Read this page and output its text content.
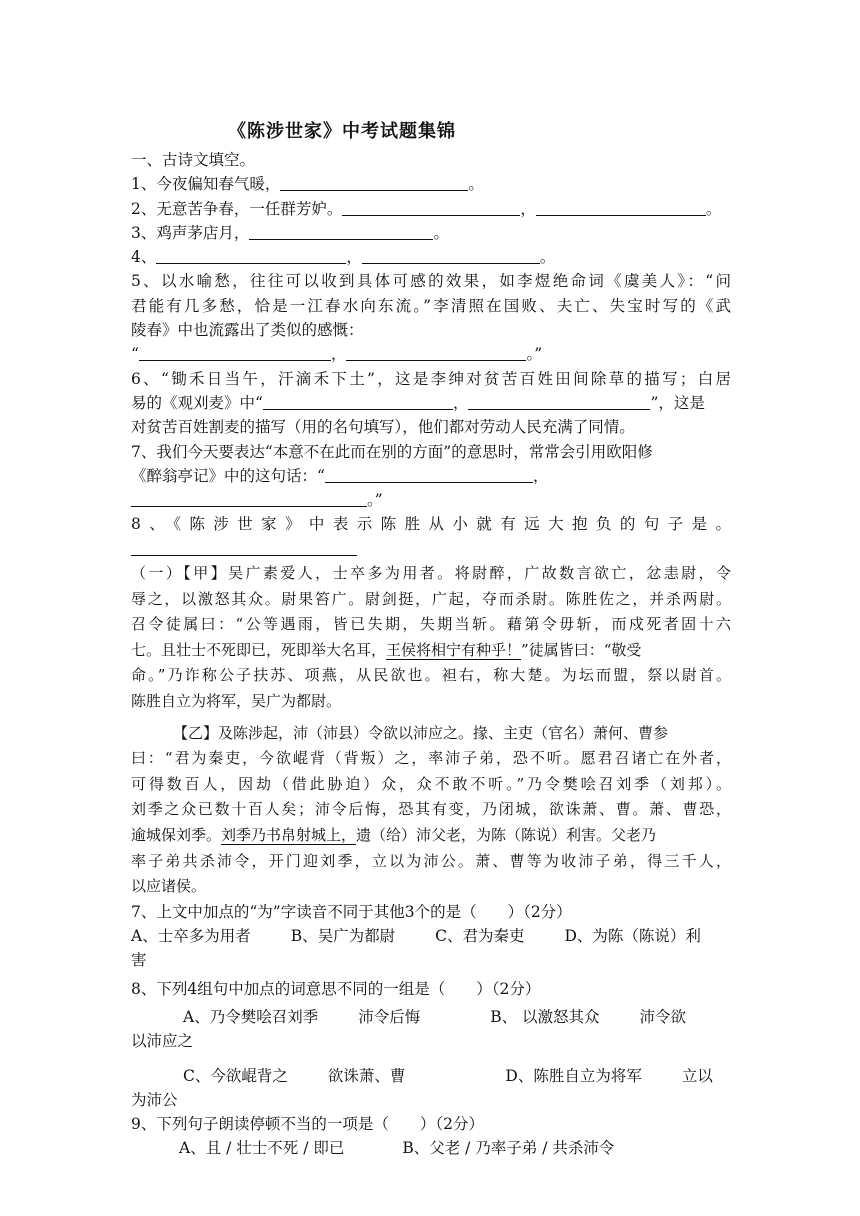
《陈涉世家》中考试题集锦
一、古诗文填空。
1、今夜偏知春气暖，	。
2、无意苦争春，一任群芳妒。	，	。
3、鸡声茅店月，	。
4、	，	。
5、以水喻愁，往往可以收到具体可感的效果，如李煜绝命词《虞美人》：“问
君能有几多愁，恰是一江春水向东流。”李清照在国败、夫亡、失宝时写的《武
陵春》中也流露出了类似的感慨：
“	，	。”
6、“锄禾日当午，汗滴禾下土”，这是李绅对贫苦百姓田间除草的描写；白居
易的《观刈麦》中“	，	”，这是
对贫苦百姓割麦的描写（用的名句填写），他们都对劳动人民充满了同情。
7、我们今天要表达“本意不在此而在别的方面”的意思时，常常会引用欧阳修
《醉翁亭记》中的这句话：“	，
。”
8、《陈涉世家》中表示陈胜从小就有远大抱负的句子是。
（一）【甲】吴广素爱人，士卒多为用者。将尉醉，广故数言欲亡，忿恚尉，令
辱之，以激怒其众。尉果笞广。尉剑挺，广起，夺而杀尉。陈胜佐之，并杀两尉。
召令徒属曰：“公等遇雨，皆已失期，失期当斩。藉第令毋斩，而戍死者固十六
七。且壮士不死即已，死即举大名耳，王侯将相宁有种乎！”徒属皆曰：“敬受
命。”乃诈称公子扶苏、项燕，从民欲也。袒右，称大楚。为坛而盟，祭以尉首。
陈胜自立为将军，吴广为都尉。
【乙】及陈涉起，沛（沛县）令欲以沛应之。掾、主吏（官名）萧何、曹参
曰：“君为秦吏，今欲崐背（背叛）之，率沛子弟，恐不听。愿君召诸亡在外者，
可得数百人，因劫（借此胁迫）众，众不敢不听。”乃令樊哙召刘季（刘邦）。
刘季之众已数十百人矣；沛令后悔，恐其有变，乃闭城，欲诛萧、曹。萧、曹恐，
逾城保刘季。刘季乃书帛射城上，遗（给）沛父老，为陈（陈说）利害。父老乃
率子弟共杀沛令，开门迎刘季，立以为沛公。萧、曹等为收沛子弟，得三千人，
以应诸侯。
7、上文中加点的“为”字读音不同于其他3个的是（　　）（2分）
A、士卒多为用者	B、吴广为都尉	C、君为秦吏	D、为陈（陈说）利
害
8、下列4组句中加点的词意思不同的一组是（　　）（2分）
A、乃令樊哙召刘季	沛令后悔	B、 以激怒其众	沛令欲
以沛应之
C、今欲崐背之	欲诛萧、曹	D、陈胜自立为将军	立以
为沛公
9、下列句子朗读停顿不当的一项是（　　）（2分）
A、且 / 壮士不死 / 即已	B、父老 / 乃率子弟 / 共杀沛令
